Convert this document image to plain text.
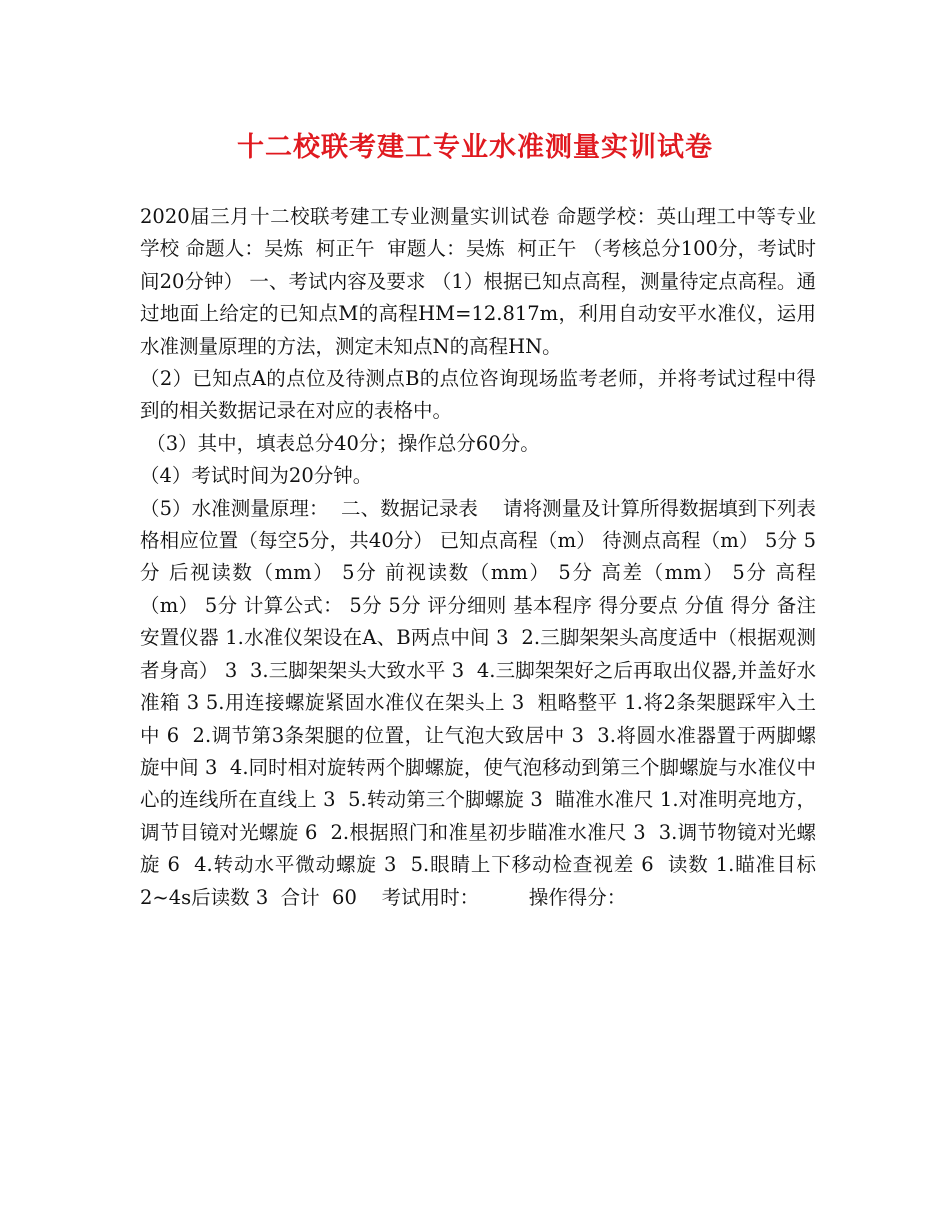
十二校联考建工专业水准测量实训试卷

2020届三月十二校联考建工专业测量实训试卷 命题学校：英山理工中等专业学校 命题人：吴炼  柯正午  审题人：吴炼  柯正午 （考核总分100分，考试时间20分钟） 一、考试内容及要求 （1）根据已知点高程，测量待定点高程。通过地面上给定的已知点M的高程HM=12.817m，利用自动安平水准仪，运用水准测量原理的方法，测定未知点N的高程HN。

（2）已知点A的点位及待测点B的点位咨询现场监考老师，并将考试过程中得到的相关数据记录在对应的表格中。

（3）其中，填表总分40分；操作总分60分。

（4）考试时间为20分钟。

（5）水准测量原理：  二、数据记录表    请将测量及计算所得数据填到下列表格相应位置（每空5分，共40分） 已知点高程（m） 待测点高程（m） 5分 5分 后视读数（mm） 5分 前视读数（mm） 5分 高差（mm） 5分 高程（m） 5分 计算公式： 5分 5分 评分细则 基本程序 得分要点 分值 得分 备注 安置仪器 1.水准仪架设在A、B两点中间 3  2.三脚架架头高度适中（根据观测者身高） 3  3.三脚架架头大致水平 3  4.三脚架架好之后再取出仪器,并盖好水准箱 3 5.用连接螺旋紧固水准仪在架头上 3  粗略整平 1.将2条架腿踩牢入土中 6  2.调节第3条架腿的位置，让气泡大致居中 3  3.将圆水准器置于两脚螺旋中间 3  4.同时相对旋转两个脚螺旋，使气泡移动到第三个脚螺旋与水准仪中心的连线所在直线上 3  5.转动第三个脚螺旋 3  瞄准水准尺 1.对准明亮地方，调节目镜对光螺旋 6  2.根据照门和准星初步瞄准水准尺 3  3.调节物镜对光螺旋 6  4.转动水平微动螺旋 3  5.眼睛上下移动检查视差 6  读数 1.瞄准目标2~4s后读数 3  合计  60    考试用时：        操作得分：
